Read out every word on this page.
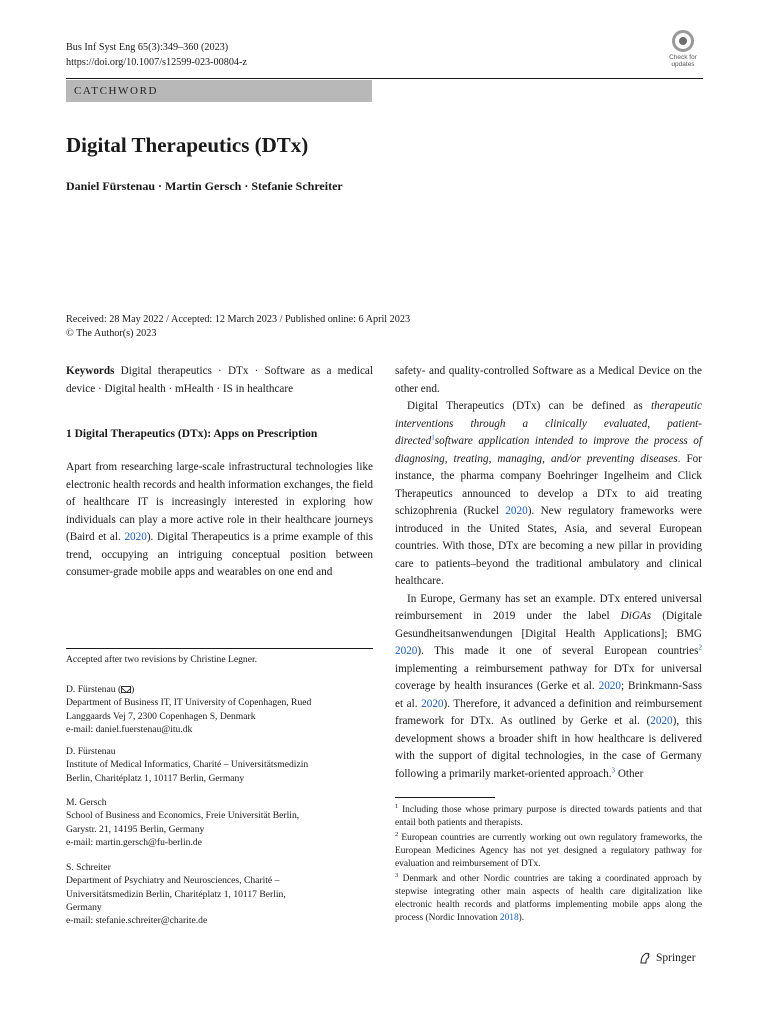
Bus Inf Syst Eng 65(3):349–360 (2023)
https://doi.org/10.1007/s12599-023-00804-z	Check for
updates
CATCHWORD
Digital Therapeutics (DTx)
Daniel Fürstenau · Martin Gersch · Stefanie Schreiter
Received: 28 May 2022 / Accepted: 12 March 2023 / Published online: 6 April 2023
© The Author(s) 2023
Keywords Digital therapeutics · DTx · Software as a medical device · Digital health · mHealth · IS in healthcare
1 Digital Therapeutics (DTx): Apps on Prescription
Apart from researching large-scale infrastructural technologies like electronic health records and health information exchanges, the field of healthcare IT is increasingly interested in exploring how individuals can play a more active role in their healthcare journeys (Baird et al. 2020). Digital Therapeutics is a prime example of this trend, occupying an intriguing conceptual position between consumer-grade mobile apps and wearables on one end and
Accepted after two revisions by Christine Legner.
D. Fürstenau ( )
Department of Business IT, IT University of Copenhagen, Rued
Langgaards Vej 7, 2300 Copenhagen S, Denmark
e-mail: daniel.fuerstenau@itu.dk
D. Fürstenau
Institute of Medical Informatics, Charité – Universitätsmedizin
Berlin, Charitéplatz 1, 10117 Berlin, Germany
M. Gersch
School of Business and Economics, Freie Universität Berlin,
Garystr. 21, 14195 Berlin, Germany
e-mail: martin.gersch@fu-berlin.de
S. Schreiter
Department of Psychiatry and Neurosciences, Charité –
Universitätsmedizin Berlin, Charitéplatz 1, 10117 Berlin,
Germany
e-mail: stefanie.schreiter@charite.de

safety- and quality-controlled Software as a Medical Device on the other end.

Digital Therapeutics (DTx) can be defined as therapeutic interventions through a clinically evaluated, patient-directed$^1$software application intended to improve the process of diagnosing, treating, managing, and/or preventing diseases. For instance, the pharma company Boehringer Ingelheim and Click Therapeutics announced to develop a DTx to aid treating schizophrenia (Ruckel 2020). New regulatory frameworks were introduced in the United States, Asia, and several European countries. With those, DTx are becoming a new pillar in providing care to patients–beyond the traditional ambulatory and clinical healthcare.

In Europe, Germany has set an example. DTx entered universal reimbursement in 2019 under the label DiGAs (Digitale Gesundheitsanwendungen [Digital Health Applications]; BMG 2020). This made it one of several European countries$^2$ implementing a reimbursement pathway for DTx for universal coverage by health insurances (Gerke et al. 2020; Brinkmann-Sass et al. 2020). Therefore, it advanced a definition and reimbursement framework for DTx. As outlined by Gerke et al. (2020), this development shows a broader shift in how healthcare is delivered with the support of digital technologies, in the case of Germany following a primarily market-oriented approach.$^3$ Other

$^1$ Including those whose primary purpose is directed towards patients and that entail both patients and therapists.

$^2$ European countries are currently working out own regulatory frameworks, the European Medicines Agency has not yet designed a regulatory pathway for evaluation and reimbursement of DTx.

$^3$ Denmark and other Nordic countries are taking a coordinated approach by stepwise integrating other main aspects of health care digitalization like electronic health records and platforms implementing mobile apps along the process (Nordic Innovation 2018).

Springer
